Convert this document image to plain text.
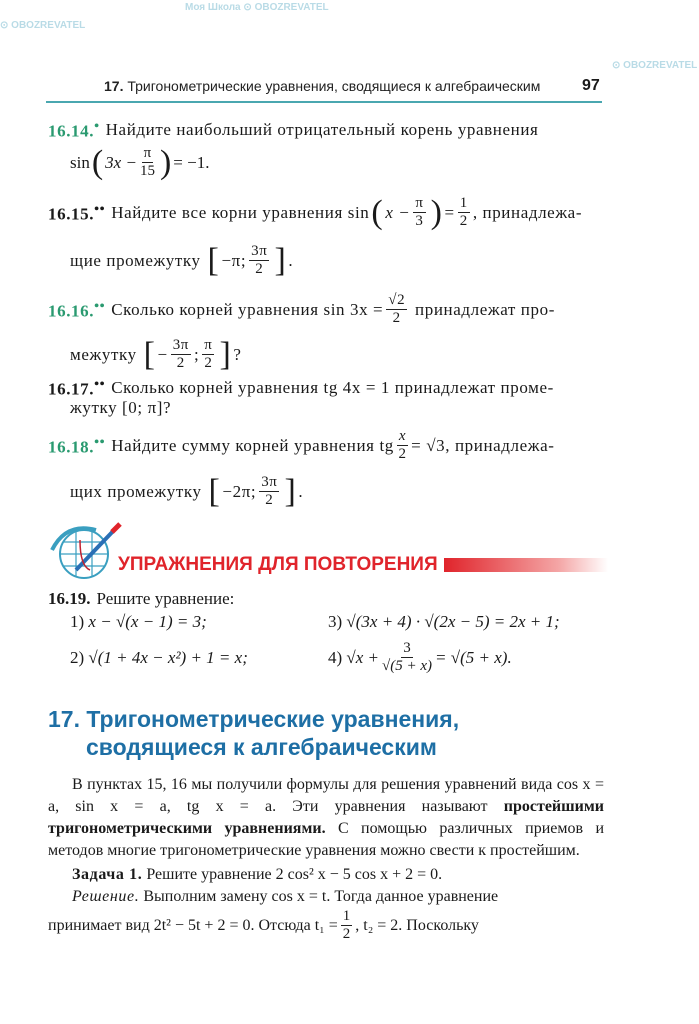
Моя Школа ⊙ OBOZREVATEL
⊙ OBOZREVATEL
⊙ OBOZREVATEL
17. Тригонометрические уравнения, сводящиеся к алгебраическим	97
16.14.• Найдите наибольший отрицательный корень уравнения
sin ( $3x - \frac{\pi}{15}$ ) = −1.
16.15.•• Найдите все корни уравнения
sin ( $x - \frac{\pi}{3}$ ) = $\frac{1}{2}$ , принадлежа-
щие промежутку
[ −π; 3π
2 ] .
16.16.•• Сколько корней уравнения
$\sin 3x = \frac{√2}{2}$
принадлежат про-
межутку
[ − $\frac{3\pi}{2}$ ; π
2 ] ?
16.17.•• Сколько корней уравнения tg 4x = 1 принадлежат проме-
жутку [0; π]?
16.18.•• Найдите сумму корней уравнения
tg $\frac{x}{2} = √3$,
принадлежа-
щих промежутку
[ −2π; 3π
2 ] .
УПРАЖНЕНИЯ ДЛЯ ПОВТОРЕНИЯ
16.19. Решите уравнение:
1)
x − √(x − 1) = 3;
2)
√(1 + 4x − x²) + 1 = x;
3)
√(3x + 4) · √(2x − 5) = 2x + 1;
4)
$√x + \frac{3}{√(5 + x)} = √(5 + x)$.
17. Тригонометрические уравнения,
сводящиеся к алгебраическим
В пунктах 15, 16 мы получили формулы для решения уравнений вида cos x = a, sin x = a, tg x = a. Эти уравнения называют простейшими тригонометрическими уравнениями. С помощью различных приемов и методов многие тригонометрические уравнения можно свести к простейшим.
Задача 1.
Решите уравнение 2 cos² x − 5 cos x + 2 = 0.
Решение.
Выполним замену cos x = t. Тогда данное уравнение
принимает вид 2t² − 5t + 2 = 0. Отсюда $t_1 = \frac{1}{2}$ , t₂ = 2. Поскольку
